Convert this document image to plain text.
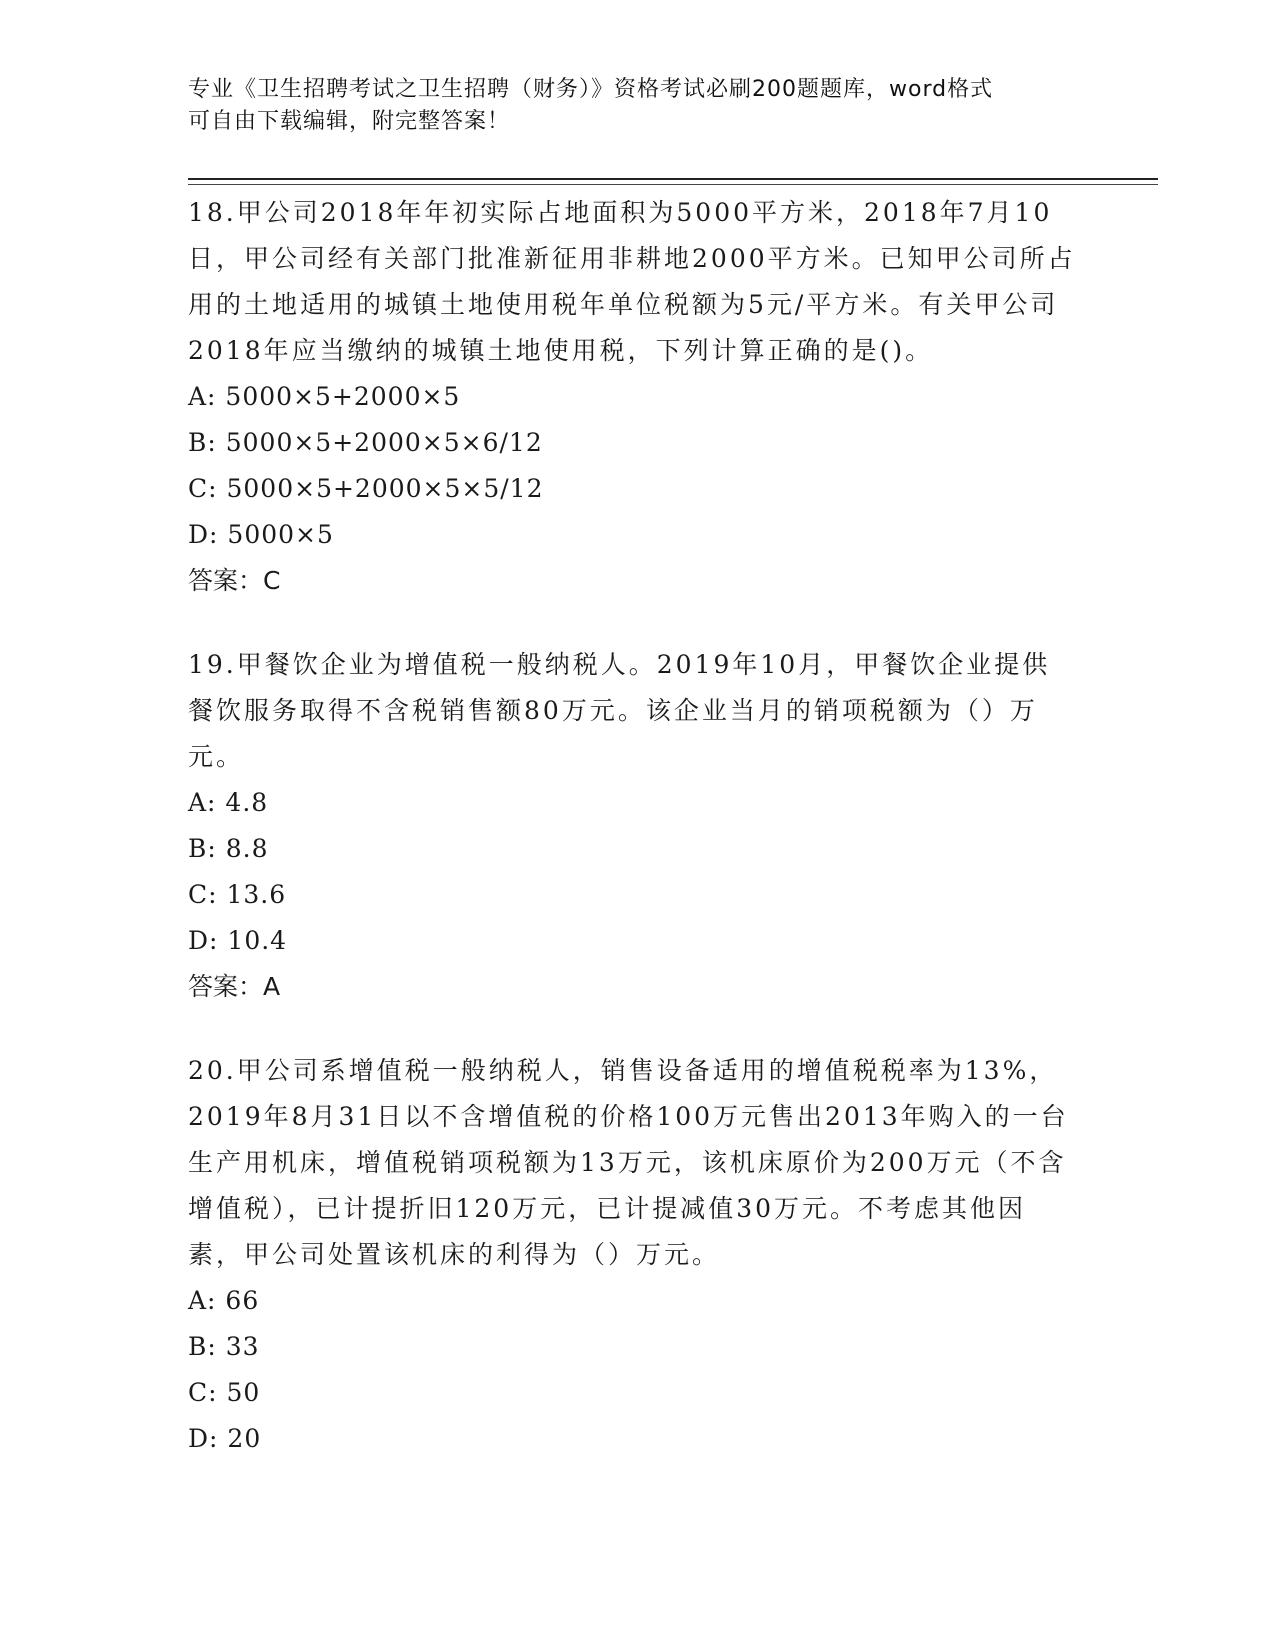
专业《卫生招聘考试之卫生招聘（财务）》资格考试必刷200题题库，word格式
可自由下载编辑，附完整答案！
18.甲公司2018年年初实际占地面积为5000平方米，2018年7月10日，甲公司经有关部门批准新征用非耕地2000平方米。已知甲公司所占用的土地适用的城镇土地使用税年单位税额为5元/平方米。有关甲公司2018年应当缴纳的城镇土地使用税，下列计算正确的是()。
A: 5000×5+2000×5
B: 5000×5+2000×5×6/12
C: 5000×5+2000×5×5/12
D: 5000×5
答案：C
19.甲餐饮企业为增值税一般纳税人。2019年10月，甲餐饮企业提供餐饮服务取得不含税销售额80万元。该企业当月的销项税额为（）万元。
A: 4.8
B: 8.8
C: 13.6
D: 10.4
答案：A
20.甲公司系增值税一般纳税人，销售设备适用的增值税税率为13%，2019年8月31日以不含增值税的价格100万元售出2013年购入的一台生产用机床，增值税销项税额为13万元，该机床原价为200万元（不含增值税），已计提折旧120万元，已计提减值30万元。不考虑其他因素，甲公司处置该机床的利得为（）万元。
A: 66
B: 33
C: 50
D: 20
